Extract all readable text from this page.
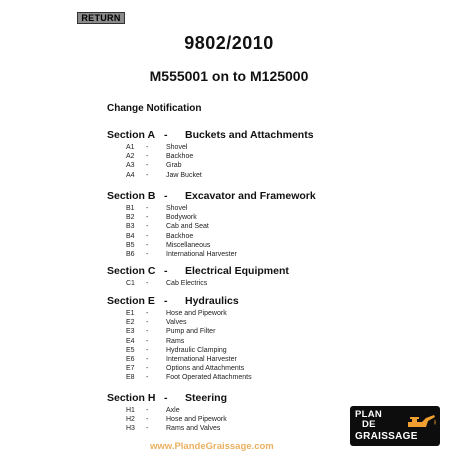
RETURN
9802/2010
M555001 on to M125000
Change Notification
Section A - Buckets and Attachments
A1 -	Shovel
A2 -	Backhoe
A3 -	Grab
A4 -	Jaw Bucket
Section B - Excavator and Framework
B1 -	Shovel
B2 -	Bodywork
B3 -	Cab and Seat
B4 -	Backhoe
B5 -	Miscellaneous
B6 -	International Harvester
Section C - Electrical Equipment
C1 -	Cab Electrics
Section E - Hydraulics
E1 -	Hose and Pipework
E2 -	Valves
E3 -	Pump and Filter
E4 -	Rams
E5 -	Hydraulic Clamping
E6 -	International Harvester
E7 -	Options and Attachments
E8 -	Foot Operated Attachments
Section H - Steering
H1 -	Axle
H2 -	Hose and Pipework
H3 -	Rams and Valves
PLAN
DE
GRAISSAGE
www.PlandeGraissage.com
